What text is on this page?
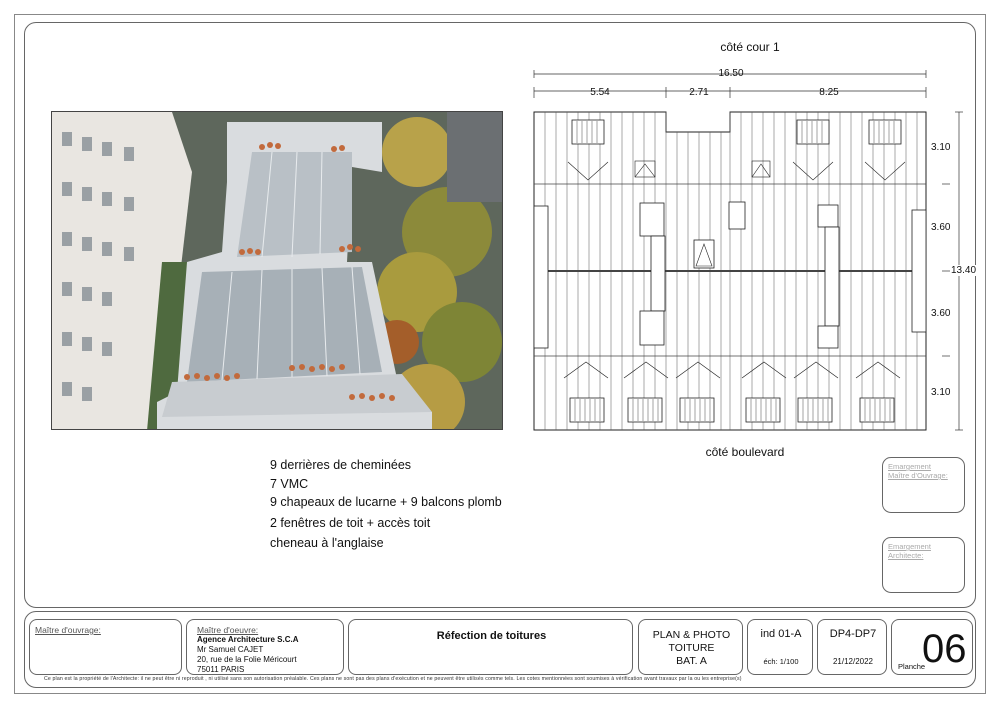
côté cour 1
côté boulevard
16.50
5.54	2.71	8.25
3.10
3.60
13.40
3.60
3.10
9 derrières de cheminées
7 VMC
9 chapeaux de lucarne + 9 balcons plomb
2 fenêtres de toit + accès toit
cheneau à l'anglaise
Emargement
Maître d'Ouvrage:
Emargement
Architecte:
Maître d'ouvrage:	Maître d'oeuvre:
Agence Architecture S.C.A
Mr Samuel CAJET
20, rue de la Folie Méricourt
75011 PARIS
Réfection de toitures	PLAN & PHOTO
TOITURE
BAT. A
ind 01-A
éch: 1/100
DP4-DP7
21/12/2022
Planche
06
Ce plan est la propriété de l'Architecte: il ne peut être ni reproduit , ni utilisé sans son autorisation préalable. Ces plans ne sont pas des plans d'exécution et ne peuvent être utilisés comme tels. Les cotes mentionnées sont soumises à vérification avant travaux par la ou les entreprise(s)
